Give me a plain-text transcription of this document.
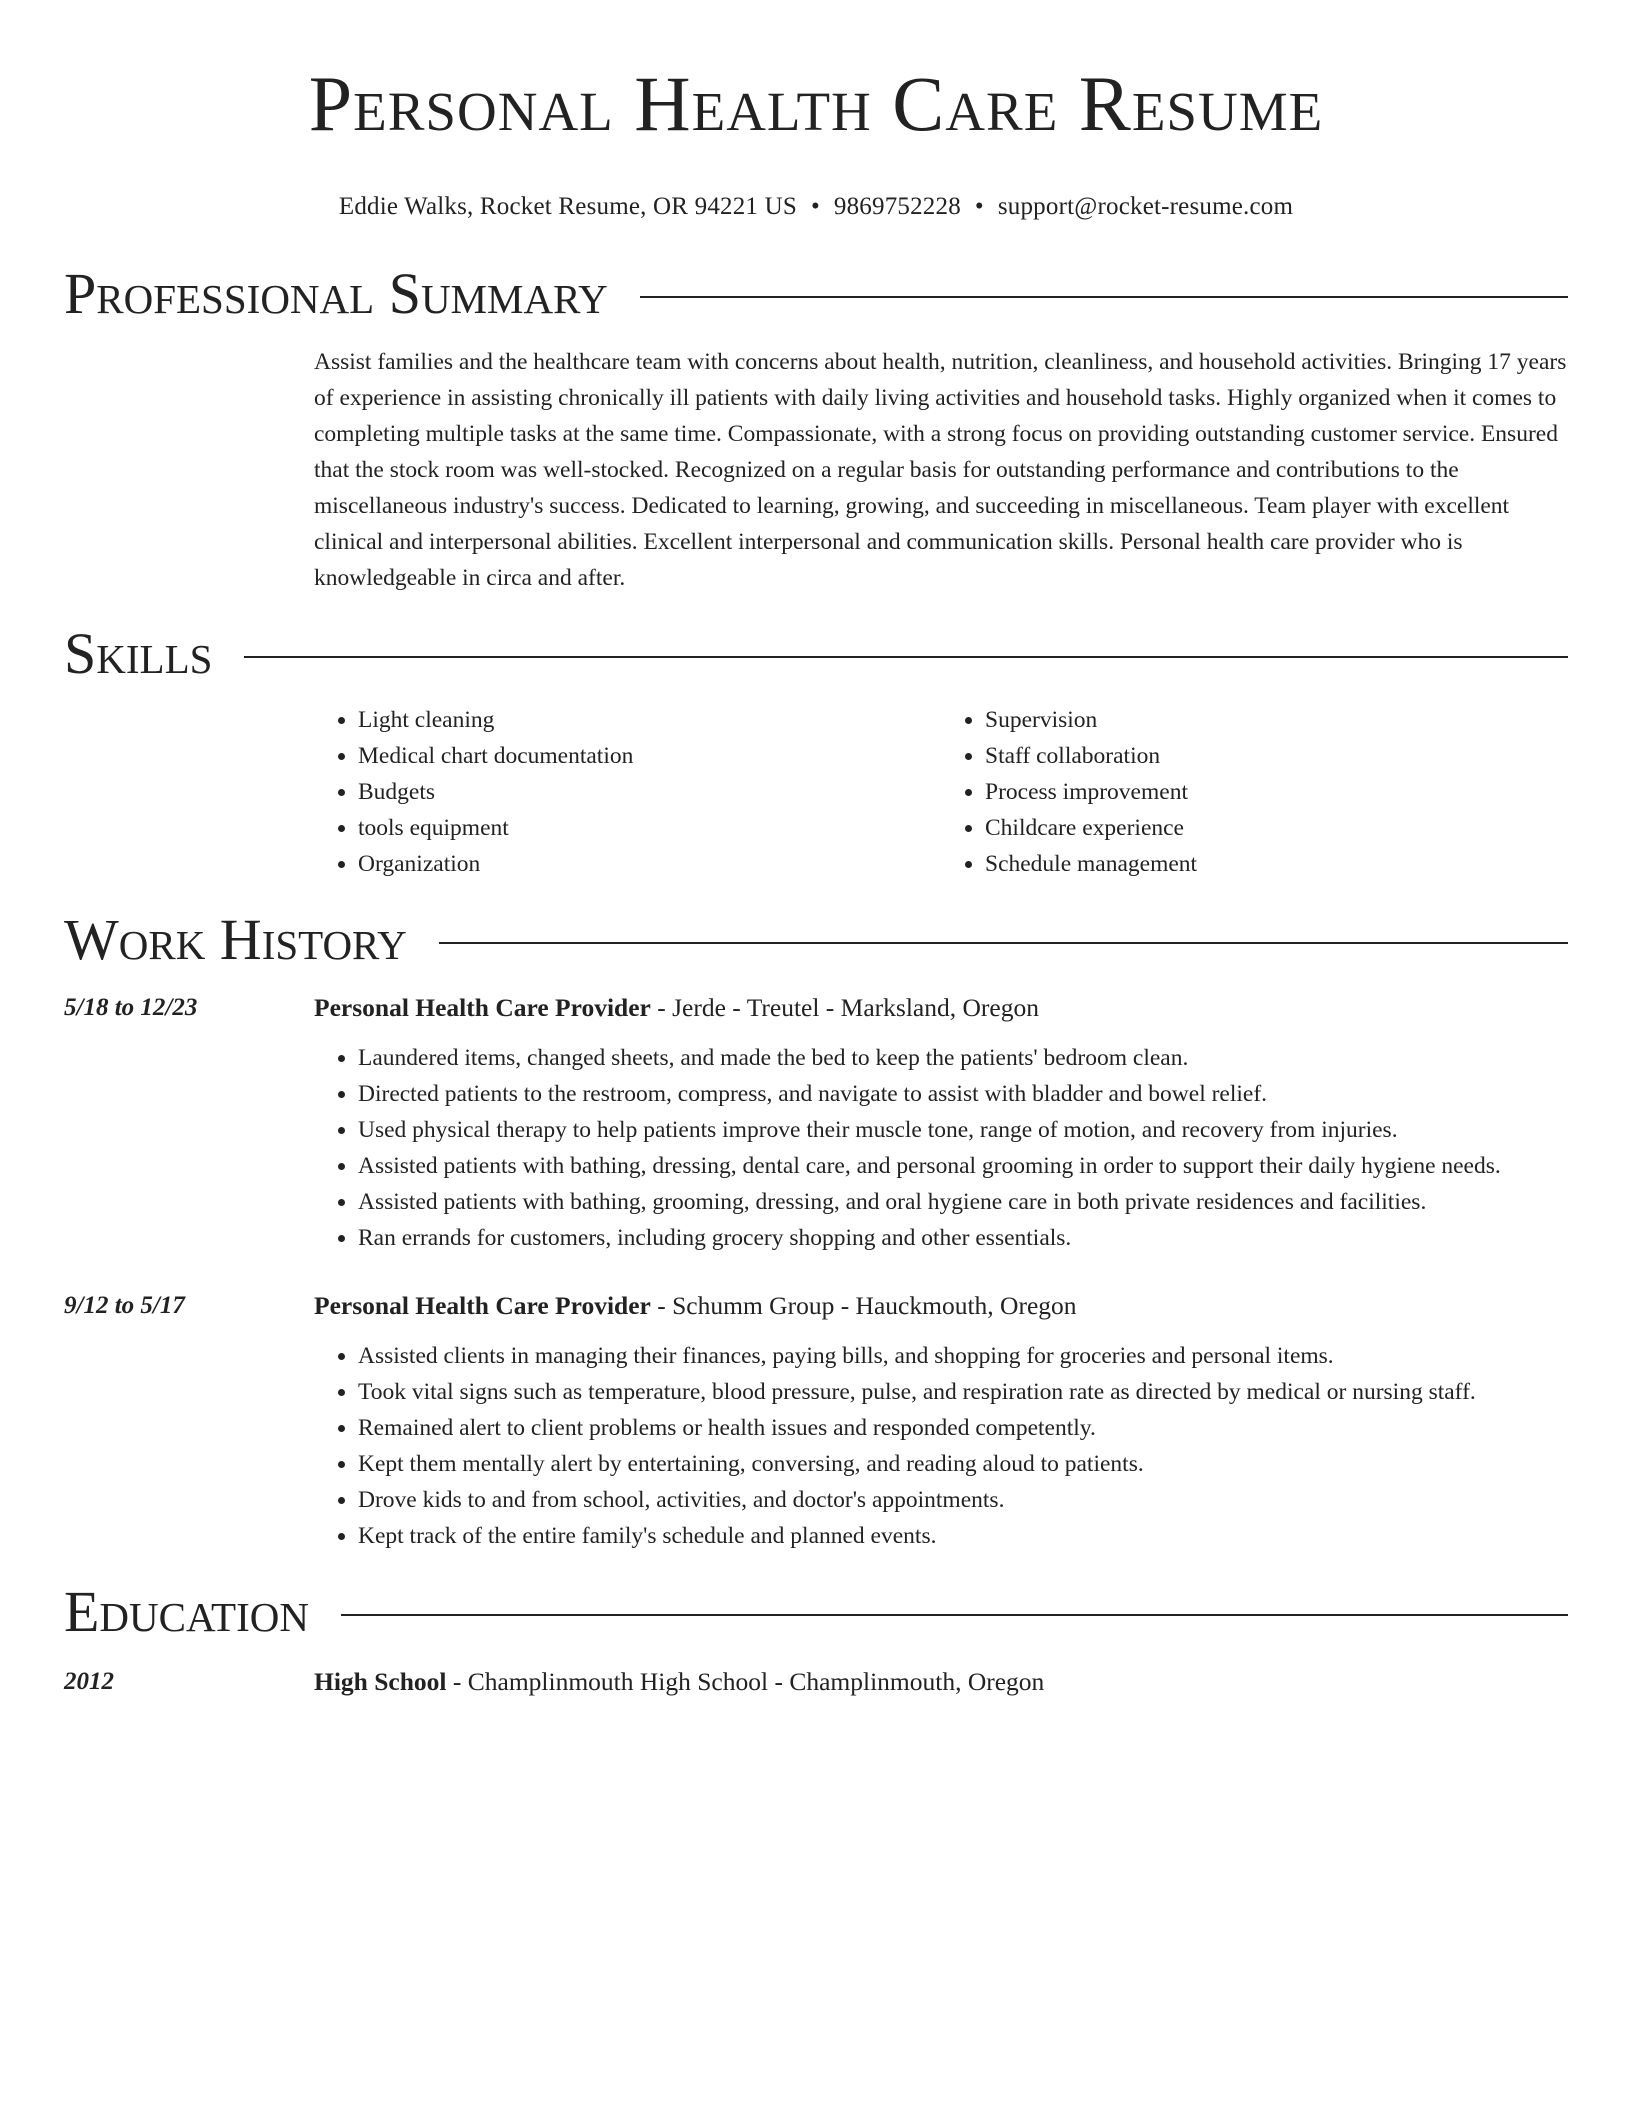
Personal Health Care Resume
Eddie Walks, Rocket Resume, OR 94221 US • 9869752228 • support@rocket-resume.com
Professional Summary
Assist families and the healthcare team with concerns about health, nutrition, cleanliness, and household activities. Bringing 17 years of experience in assisting chronically ill patients with daily living activities and household tasks. Highly organized when it comes to completing multiple tasks at the same time. Compassionate, with a strong focus on providing outstanding customer service. Ensured that the stock room was well-stocked. Recognized on a regular basis for outstanding performance and contributions to the miscellaneous industry's success. Dedicated to learning, growing, and succeeding in miscellaneous. Team player with excellent clinical and interpersonal abilities. Excellent interpersonal and communication skills. Personal health care provider who is knowledgeable in circa and after.
Skills
• Light cleaning
• Medical chart documentation
• Budgets
• tools equipment
• Organization
• Supervision
• Staff collaboration
• Process improvement
• Childcare experience
• Schedule management
Work History
5/18 to 12/23	Personal Health Care Provider - Jerde - Treutel - Marksland, Oregon
• Laundered items, changed sheets, and made the bed to keep the patients' bedroom clean.
• Directed patients to the restroom, compress, and navigate to assist with bladder and bowel relief.
• Used physical therapy to help patients improve their muscle tone, range of motion, and recovery from injuries.
• Assisted patients with bathing, dressing, dental care, and personal grooming in order to support their daily hygiene needs.
• Assisted patients with bathing, grooming, dressing, and oral hygiene care in both private residences and facilities.
• Ran errands for customers, including grocery shopping and other essentials.
9/12 to 5/17	Personal Health Care Provider - Schumm Group - Hauckmouth, Oregon
• Assisted clients in managing their finances, paying bills, and shopping for groceries and personal items.
• Took vital signs such as temperature, blood pressure, pulse, and respiration rate as directed by medical or nursing staff.
• Remained alert to client problems or health issues and responded competently.
• Kept them mentally alert by entertaining, conversing, and reading aloud to patients.
• Drove kids to and from school, activities, and doctor's appointments.
• Kept track of the entire family's schedule and planned events.
Education
2012	High School - Champlinmouth High School - Champlinmouth, Oregon
